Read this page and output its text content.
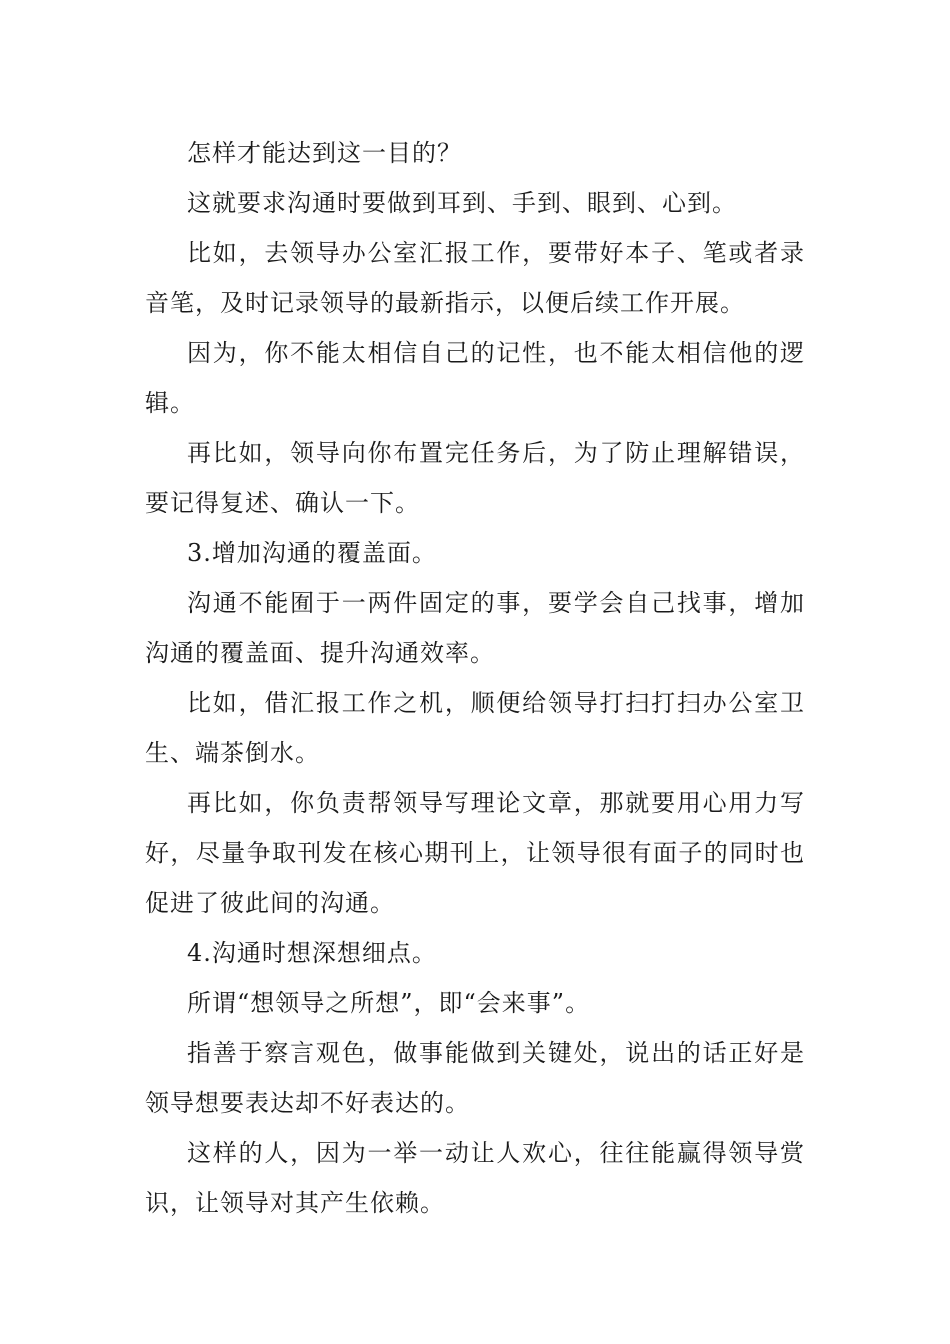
怎样才能达到这一目的？

这就要求沟通时要做到耳到、手到、眼到、心到。

比如，去领导办公室汇报工作，要带好本子、笔或者录音笔，及时记录领导的最新指示，以便后续工作开展。

因为，你不能太相信自己的记性，也不能太相信他的逻辑。

再比如，领导向你布置完任务后，为了防止理解错误，要记得复述、确认一下。

3.增加沟通的覆盖面。

沟通不能囿于一两件固定的事，要学会自己找事，增加沟通的覆盖面、提升沟通效率。

比如，借汇报工作之机，顺便给领导打扫打扫办公室卫生、端茶倒水。

再比如，你负责帮领导写理论文章，那就要用心用力写好，尽量争取刊发在核心期刊上，让领导很有面子的同时也促进了彼此间的沟通。

4.沟通时想深想细点。

所谓“想领导之所想”，即“会来事”。

指善于察言观色，做事能做到关键处，说出的话正好是领导想要表达却不好表达的。

这样的人，因为一举一动让人欢心，往往能赢得领导赏识，让领导对其产生依赖。
